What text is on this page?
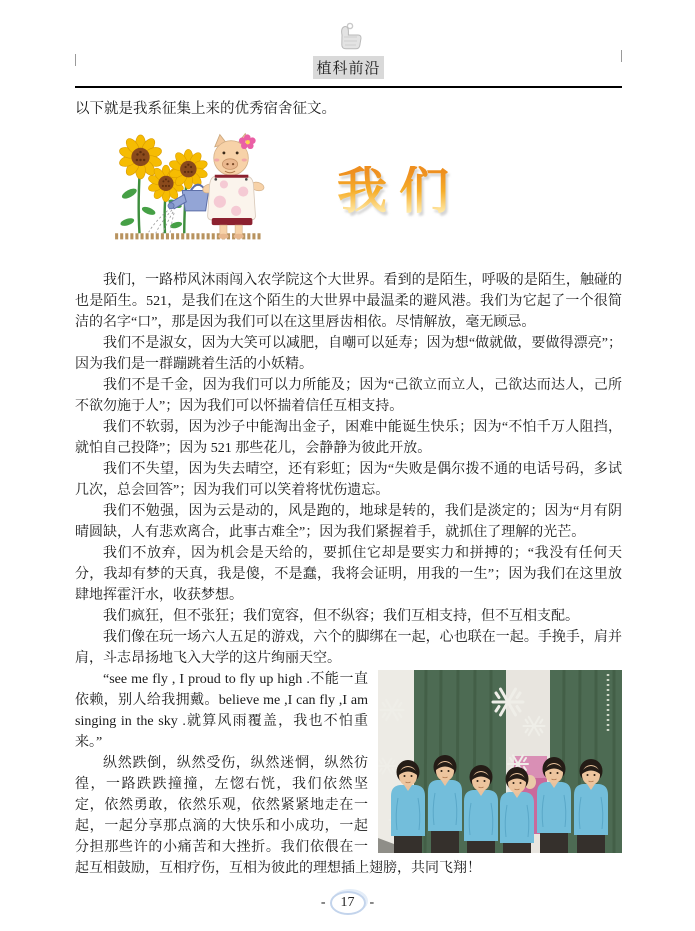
植科前沿
以下就是我系征集上来的优秀宿舍征文。
我们

我们，一路栉风沐雨闯入农学院这个大世界。看到的是陌生，呼吸的是陌生，触碰的也是陌生。521，是我们在这个陌生的大世界中最温柔的避风港。我们为它起了一个很简洁的名字“口”，那是因为我们可以在这里唇齿相依。尽情解放，毫无顾忌。

我们不是淑女，因为大笑可以减肥，自嘲可以延寿；因为想“做就做，要做得漂亮”；因为我们是一群蹦跳着生活的小妖精。

我们不是千金，因为我们可以力所能及；因为“己欲立而立人，己欲达而达人，己所不欲勿施于人”；因为我们可以怀揣着信任互相支持。

我们不软弱，因为沙子中能淘出金子，困难中能诞生快乐；因为“不怕千万人阻挡，就怕自己投降”；因为 521 那些花儿，会静静为彼此开放。

我们不失望，因为失去晴空，还有彩虹；因为“失败是偶尔拨不通的电话号码，多试几次，总会回答”；因为我们可以笑着将忧伤遗忘。

我们不勉强，因为云是动的，风是跑的，地球是转的，我们是淡定的；因为“月有阴晴圆缺，人有悲欢离合，此事古难全”；因为我们紧握着手，就抓住了理解的光芒。

我们不放弃，因为机会是天给的，要抓住它却是要实力和拼搏的；“我没有任何天分，我却有梦的天真，我是傻，不是蠢，我将会证明，用我的一生”；因为我们在这里放肆地挥霍汗水，收获梦想。

我们疯狂，但不张狂；我们宽容，但不纵容；我们互相支持，但不互相支配。

我们像在玩一场六人五足的游戏，六个的脚绑在一起，心也联在一起。手挽手，肩并肩，斗志昂扬地飞入大学的这片绚丽天空。

“see me fly , I proud to fly up high .不能一直依赖，别人给我拥戴。believe me ,I can fly ,I am singing in the sky .就算风雨覆盖，我也不怕重来。”

纵然跌倒，纵然受伤，纵然迷惘，纵然彷徨，一路跌跌撞撞，左惚右恍，我们依然坚定，依然勇敢，依然乐观，依然紧紧地走在一起，一起分享那点滴的大快乐和小成功，一起分担那些许的小痛苦和大挫折。我们依偎在一起互相鼓励，互相疗伤，互相为彼此的理想插上翅膀，共同飞翔！

- 17 -
